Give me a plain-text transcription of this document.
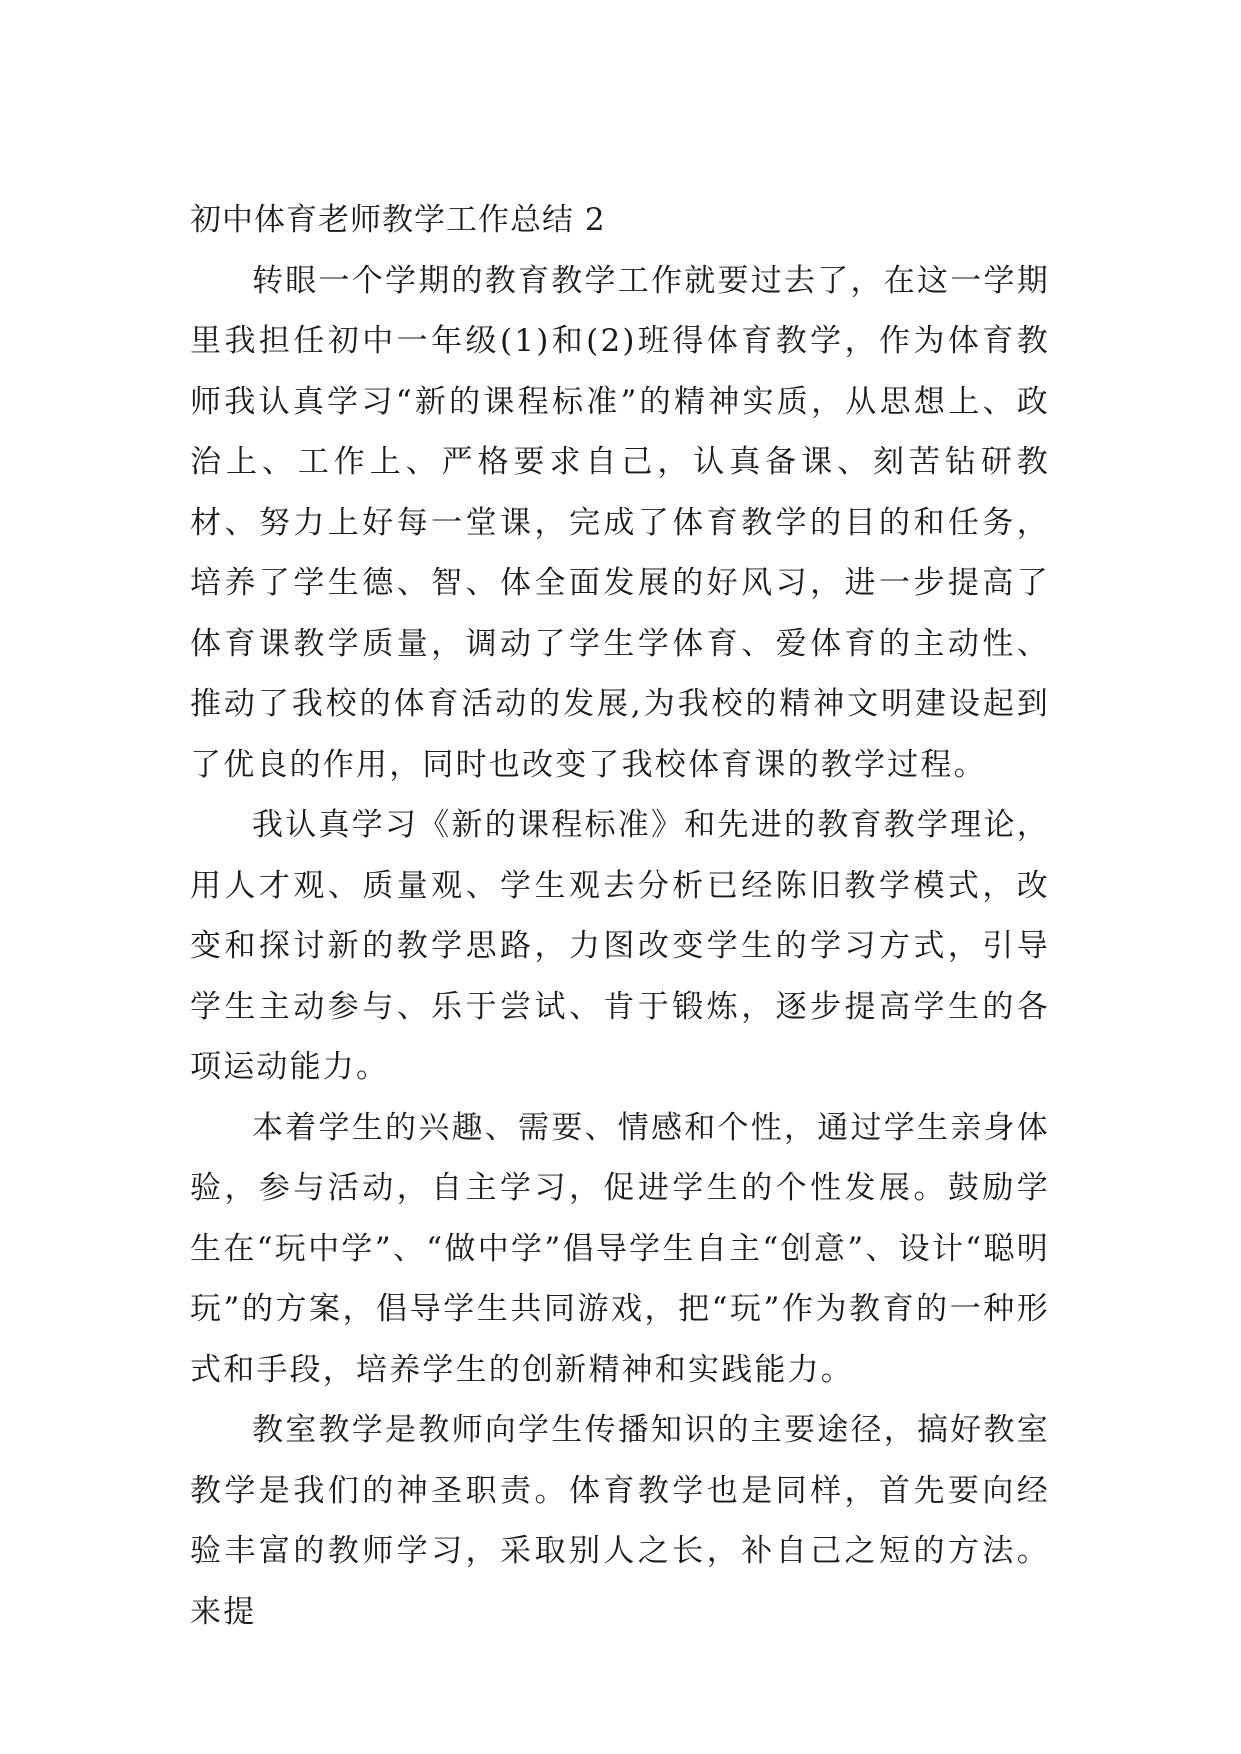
初中体育老师教学工作总结 2

转眼一个学期的教育教学工作就要过去了，在这一学期里我担任初中一年级(1)和(2)班得体育教学，作为体育教师我认真学习“新的课程标准”的精神实质，从思想上、政治上、工作上、严格要求自己，认真备课、刻苦钻研教材、努力上好每一堂课，完成了体育教学的目的和任务，培养了学生德、智、体全面发展的好风习，进一步提高了体育课教学质量，调动了学生学体育、爱体育的主动性、推动了我校的体育活动的发展,为我校的精神文明建设起到了优良的作用，同时也改变了我校体育课的教学过程。

我认真学习《新的课程标准》和先进的教育教学理论，用人才观、质量观、学生观去分析已经陈旧教学模式，改变和探讨新的教学思路，力图改变学生的学习方式，引导学生主动参与、乐于尝试、肯于锻炼，逐步提高学生的各项运动能力。

本着学生的兴趣、需要、情感和个性，通过学生亲身体验，参与活动，自主学习，促进学生的个性发展。鼓励学生在“玩中学”、“做中学”倡导学生自主“创意”、设计“聪明玩”的方案，倡导学生共同游戏，把“玩”作为教育的一种形式和手段，培养学生的创新精神和实践能力。

教室教学是教师向学生传播知识的主要途径，搞好教室教学是我们的神圣职责。体育教学也是同样，首先要向经验丰富的教师学习，采取别人之长，补自己之短的方法。来提
